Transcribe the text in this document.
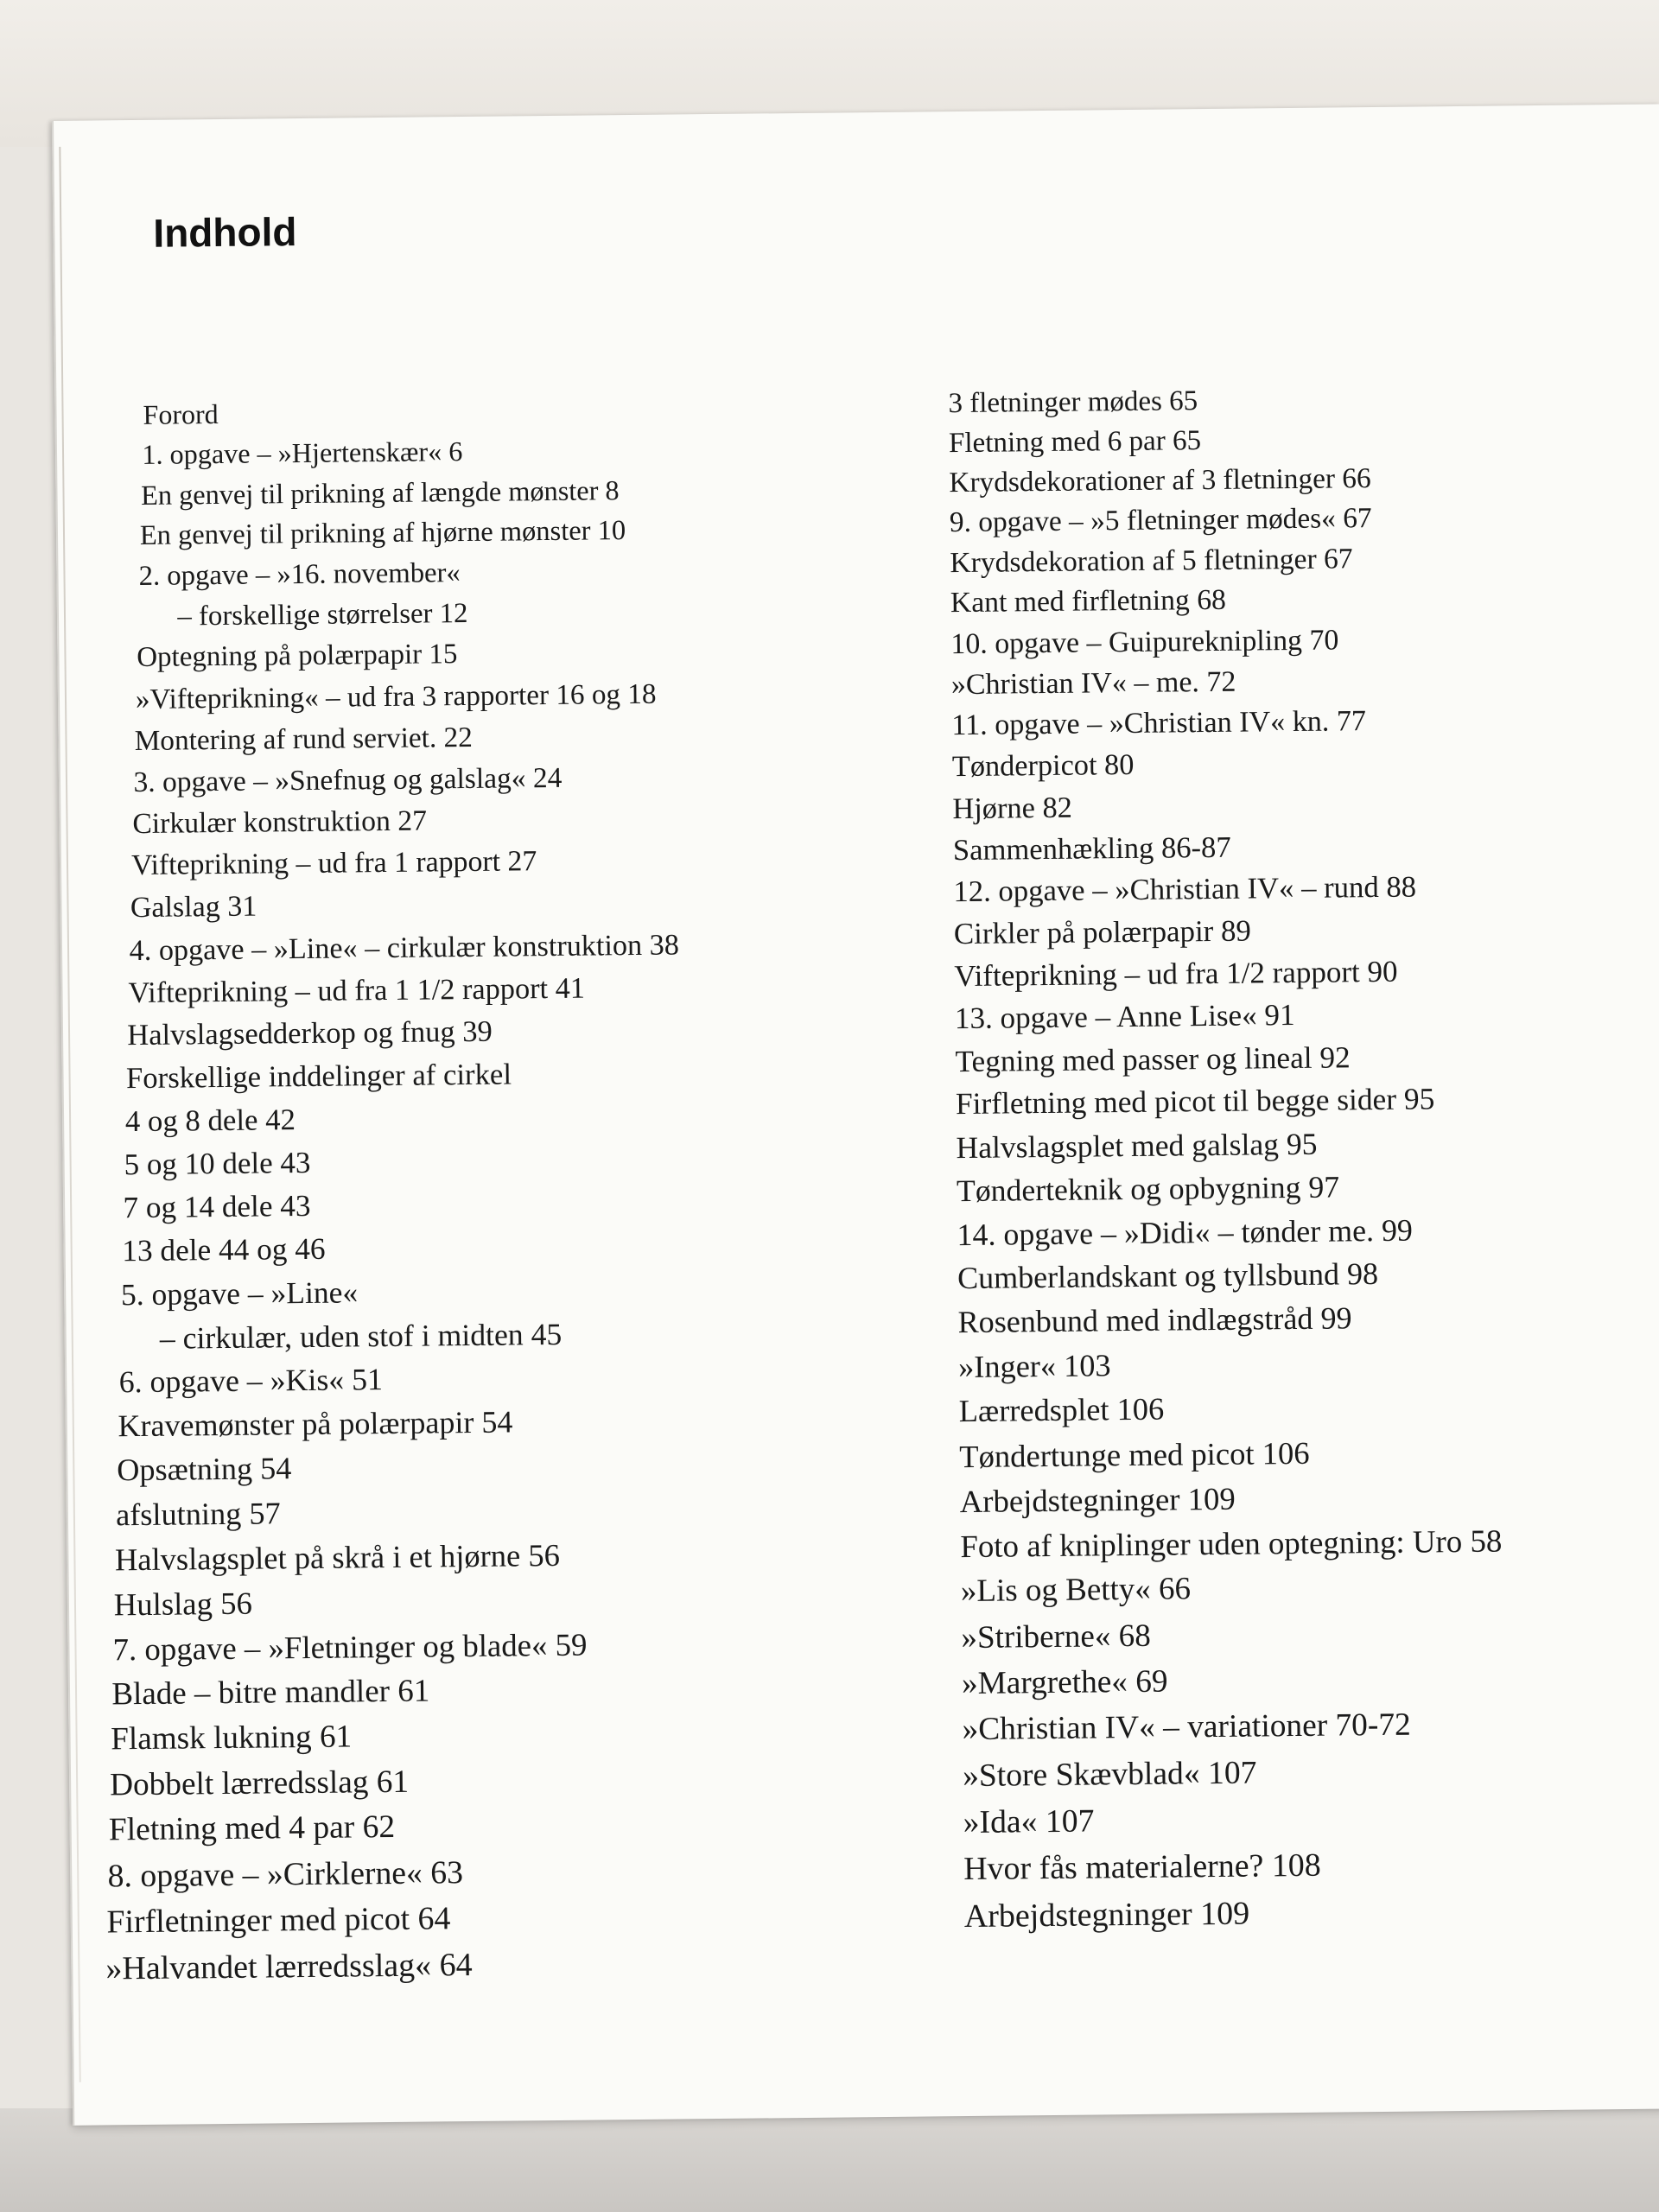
Indhold
Forord
1. opgave – »Hjertenskær« 6
En genvej til prikning af længde mønster 8
En genvej til prikning af hjørne mønster 10
2. opgave – »16. november«
– forskellige størrelser 12
Optegning på polærpapir 15
»Vifteprikning« – ud fra 3 rapporter 16 og 18
Montering af rund serviet. 22
3. opgave – »Snefnug og galslag« 24
Cirkulær konstruktion 27
Vifteprikning – ud fra 1 rapport 27
Galslag 31
4. opgave – »Line« – cirkulær konstruktion 38
Vifteprikning – ud fra 1 1/2 rapport 41
Halvslagsedderkop og fnug 39
Forskellige inddelinger af cirkel
4 og 8 dele 42
5 og 10 dele 43
7 og 14 dele 43
13 dele 44 og 46
5. opgave – »Line«
– cirkulær, uden stof i midten 45
6. opgave – »Kis« 51
Kravemønster på polærpapir 54
Opsætning 54
afslutning 57
Halvslagsplet på skrå i et hjørne 56
Hulslag 56
7. opgave – »Fletninger og blade« 59
Blade – bitre mandler 61
Flamsk lukning 61
Dobbelt lærredsslag 61
Fletning med 4 par 62
8. opgave – »Cirklerne« 63
Firfletninger med picot 64
»Halvandet lærredsslag« 64
3 fletninger mødes 65
Fletning med 6 par 65
Krydsdekorationer af 3 fletninger 66
9. opgave – »5 fletninger mødes« 67
Krydsdekoration af 5 fletninger 67
Kant med firfletning 68
10. opgave – Guipureknipling 70
»Christian IV« – me. 72
11. opgave – »Christian IV« kn. 77
Tønderpicot 80
Hjørne 82
Sammenhækling 86-87
12. opgave – »Christian IV« – rund 88
Cirkler på polærpapir 89
Vifteprikning – ud fra 1/2 rapport 90
13. opgave – Anne Lise« 91
Tegning med passer og lineal 92
Firfletning med picot til begge sider 95
Halvslagsplet med galslag 95
Tønderteknik og opbygning 97
14. opgave – »Didi« – tønder me. 99
Cumberlandskant og tyllsbund 98
Rosenbund med indlægstråd 99
»Inger« 103
Lærredsplet 106
Tøndertunge med picot 106
Arbejdstegninger 109
Foto af kniplinger uden optegning: Uro 58
»Lis og Betty« 66
»Striberne« 68
»Margrethe« 69
»Christian IV« – variationer 70-72
»Store Skævblad« 107
»Ida« 107
Hvor fås materialerne? 108
Arbejdstegninger 109
